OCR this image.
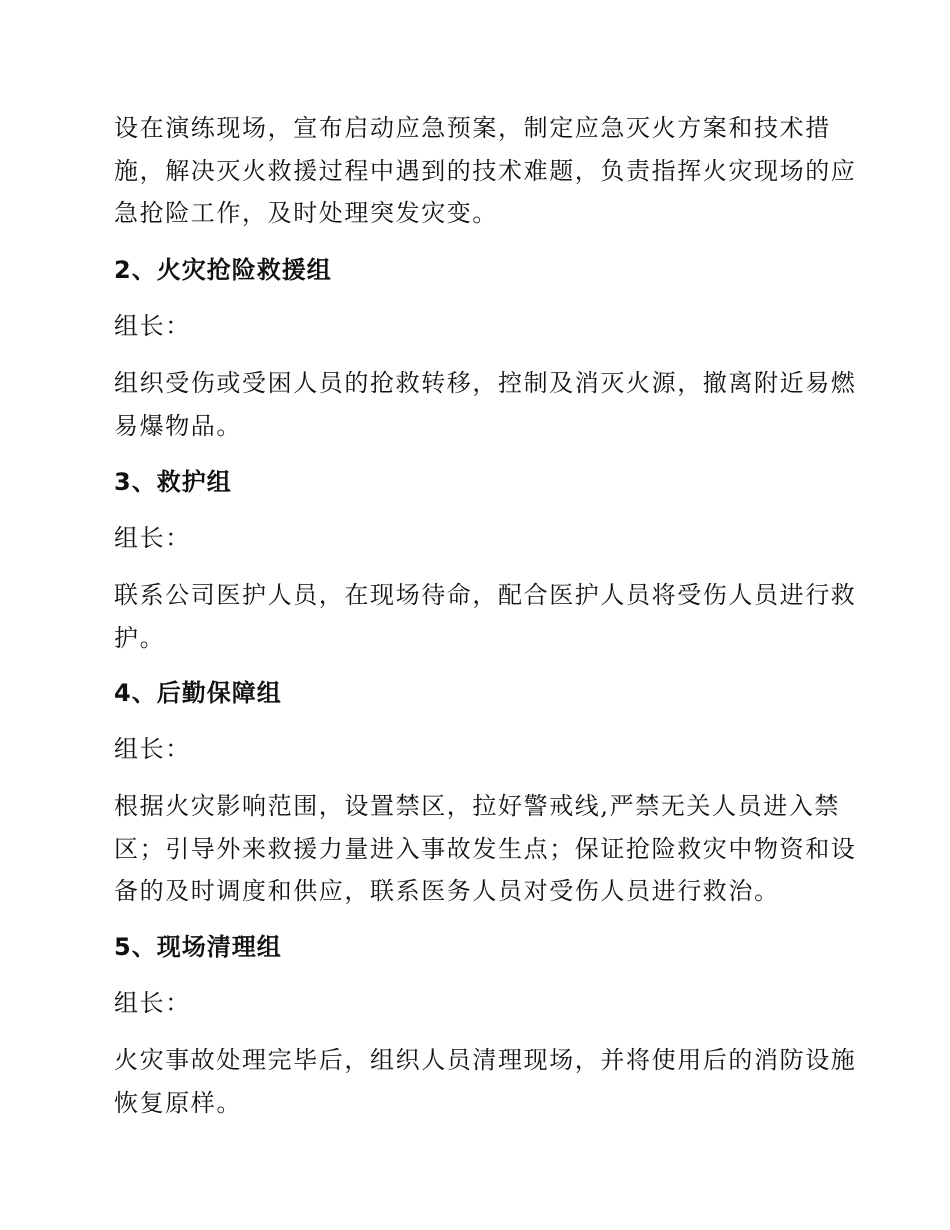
设在演练现场，宣布启动应急预案，制定应急灭火方案和技术措
施，解决灭火救援过程中遇到的技术难题，负责指挥火灾现场的应
急抢险工作，及时处理突发灾变。
2、火灾抢险救援组
组长：
组织受伤或受困人员的抢救转移，控制及消灭火源，撤离附近易燃
易爆物品。
3、救护组
组长：
联系公司医护人员，在现场待命，配合医护人员将受伤人员进行救
护。
4、后勤保障组
组长：
根据火灾影响范围，设置禁区，拉好警戒线,严禁无关人员进入禁
区；引导外来救援力量进入事故发生点；保证抢险救灾中物资和设
备的及时调度和供应，联系医务人员对受伤人员进行救治。
5、现场清理组
组长：
火灾事故处理完毕后，组织人员清理现场，并将使用后的消防设施
恢复原样。
